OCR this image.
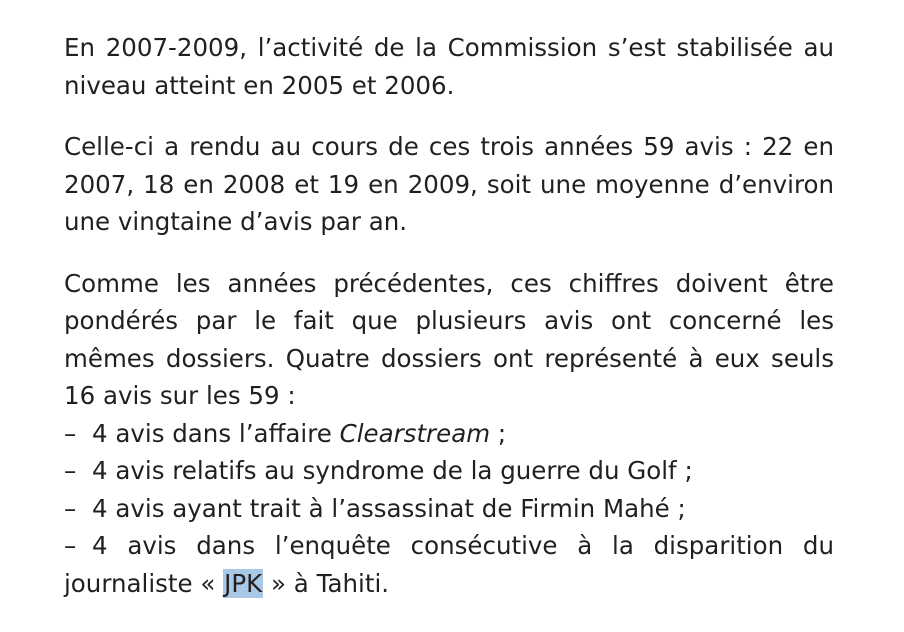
En 2007-2009, l’activité de la Commission s’est stabilisée au niveau atteint en 2005 et 2006.

Celle-ci a rendu au cours de ces trois années 59 avis : 22 en 2007, 18 en 2008 et 19 en 2009, soit une moyenne d’environ une vingtaine d’avis par an.

Comme les années précédentes, ces chiffres doivent être pondérés par le fait que plusieurs avis ont concerné les mêmes dossiers. Quatre dossiers ont représenté à eux seuls 16 avis sur les 59 :

– 4 avis dans l’affaire Clearstream ;

– 4 avis relatifs au syndrome de la guerre du Golf ;

– 4 avis ayant trait à l’assassinat de Firmin Mahé ;

– 4 avis dans l’enquête consécutive à la disparition du journaliste « JPK » à Tahiti.
